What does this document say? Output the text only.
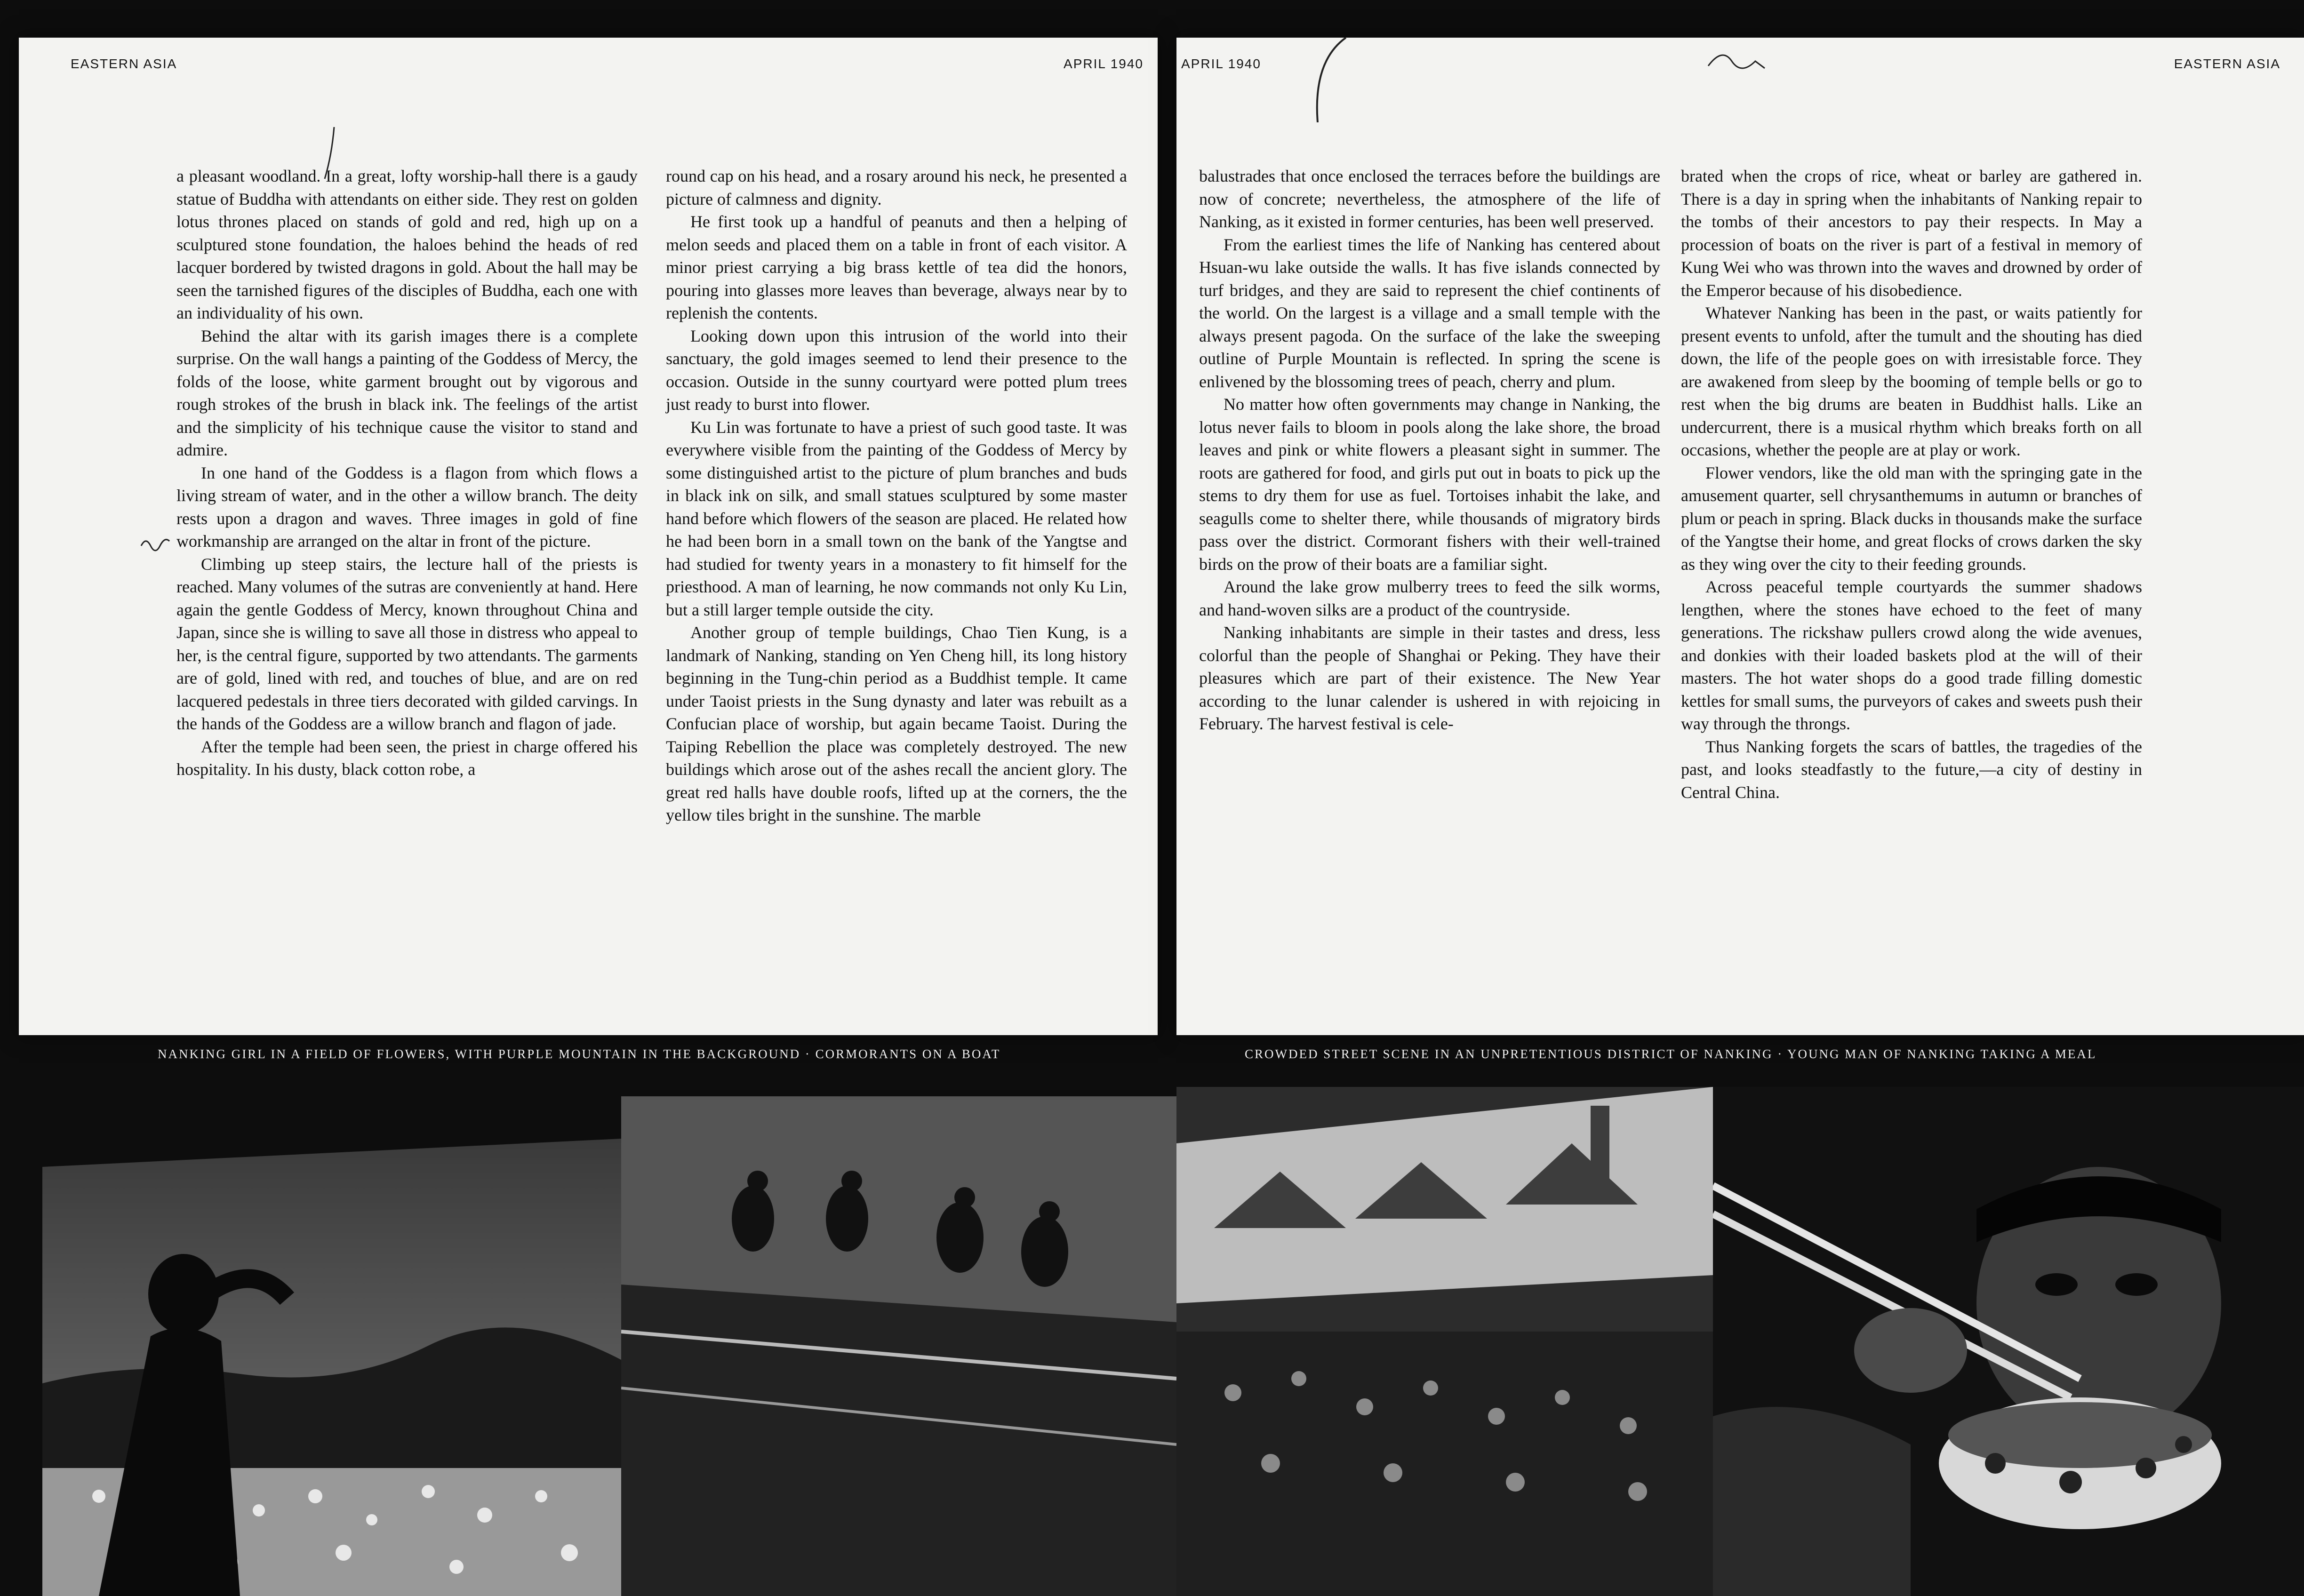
EASTERN ASIA	APRIL 1940

a pleasant woodland. In a great, lofty worship-hall there is a gaudy statue of Buddha with attendants on either side. They rest on golden lotus thrones placed on stands of gold and red, high up on a sculptured stone foundation, the haloes behind the heads of red lacquer bordered by twisted dragons in gold. About the hall may be seen the tarnished figures of the disciples of Buddha, each one with an individuality of his own.

Behind the altar with its garish images there is a complete surprise. On the wall hangs a painting of the Goddess of Mercy, the folds of the loose, white garment brought out by vigorous and rough strokes of the brush in black ink. The feelings of the artist and the simplicity of his technique cause the visitor to stand and admire.

In one hand of the Goddess is a flagon from which flows a living stream of water, and in the other a willow branch. The deity rests upon a dragon and waves. Three images in gold of fine workmanship are arranged on the altar in front of the picture.

Climbing up steep stairs, the lecture hall of the priests is reached. Many volumes of the sutras are conveniently at hand. Here again the gentle Goddess of Mercy, known throughout China and Japan, since she is willing to save all those in distress who appeal to her, is the central figure, supported by two attendants. The garments are of gold, lined with red, and touches of blue, and are on red lacquered pedestals in three tiers decorated with gilded carvings. In the hands of the Goddess are a willow branch and flagon of jade.

After the temple had been seen, the priest in charge offered his hospitality. In his dusty, black cotton robe, a

round cap on his head, and a rosary around his neck, he presented a picture of calmness and dignity.

He first took up a handful of peanuts and then a helping of melon seeds and placed them on a table in front of each visitor. A minor priest carrying a big brass kettle of tea did the honors, pouring into glasses more leaves than beverage, always near by to replenish the contents.

Looking down upon this intrusion of the world into their sanctuary, the gold images seemed to lend their presence to the occasion. Outside in the sunny courtyard were potted plum trees just ready to burst into flower.

Ku Lin was fortunate to have a priest of such good taste. It was everywhere visible from the painting of the Goddess of Mercy by some distinguished artist to the picture of plum branches and buds in black ink on silk, and small statues sculptured by some master hand before which flowers of the season are placed. He related how he had been born in a small town on the bank of the Yangtse and had studied for twenty years in a monastery to fit himself for the priesthood. A man of learning, he now commands not only Ku Lin, but a still larger temple outside the city.

Another group of temple buildings, Chao Tien Kung, is a landmark of Nanking, standing on Yen Cheng hill, its long history beginning in the Tung-chin period as a Buddhist temple. It came under Taoist priests in the Sung dynasty and later was rebuilt as a Confucian place of worship, but again became Taoist. During the Taiping Rebellion the place was completely destroyed. The new buildings which arose out of the ashes recall the ancient glory. The great red halls have double roofs, lifted up at the corners, the the yellow tiles bright in the sunshine. The marble

APRIL 1940	EASTERN ASIA

balustrades that once enclosed the terraces before the buildings are now of concrete; nevertheless, the atmosphere of the life of Nanking, as it existed in former centuries, has been well preserved.

From the earliest times the life of Nanking has centered about Hsuan-wu lake outside the walls. It has five islands connected by turf bridges, and they are said to represent the chief continents of the world. On the largest is a village and a small temple with the always present pagoda. On the surface of the lake the sweeping outline of Purple Mountain is reflected. In spring the scene is enlivened by the blossoming trees of peach, cherry and plum.

No matter how often governments may change in Nanking, the lotus never fails to bloom in pools along the lake shore, the broad leaves and pink or white flowers a pleasant sight in summer. The roots are gathered for food, and girls put out in boats to pick up the stems to dry them for use as fuel. Tortoises inhabit the lake, and seagulls come to shelter there, while thousands of migratory birds pass over the district. Cormorant fishers with their well-trained birds on the prow of their boats are a familiar sight.

Around the lake grow mulberry trees to feed the silk worms, and hand-woven silks are a product of the countryside.

Nanking inhabitants are simple in their tastes and dress, less colorful than the people of Shanghai or Peking. They have their pleasures which are part of their existence. The New Year according to the lunar calender is ushered in with rejoicing in February. The harvest festival is cele-

brated when the crops of rice, wheat or barley are gathered in. There is a day in spring when the inhabitants of Nanking repair to the tombs of their ancestors to pay their respects. In May a procession of boats on the river is part of a festival in memory of Kung Wei who was thrown into the waves and drowned by order of the Emperor because of his disobedience.

Whatever Nanking has been in the past, or waits patiently for present events to unfold, after the tumult and the shouting has died down, the life of the people goes on with irresistable force. They are awakened from sleep by the booming of temple bells or go to rest when the big drums are beaten in Buddhist halls. Like an undercurrent, there is a musical rhythm which breaks forth on all occasions, whether the people are at play or work.

Flower vendors, like the old man with the springing gate in the amusement quarter, sell chrysanthemums in autumn or branches of plum or peach in spring. Black ducks in thousands make the surface of the Yangtse their home, and great flocks of crows darken the sky as they wing over the city to their feeding grounds.

Across peaceful temple courtyards the summer shadows lengthen, where the stones have echoed to the feet of many generations. The rickshaw pullers crowd along the wide avenues, and donkies with their loaded baskets plod at the will of their masters. The hot water shops do a good trade filling domestic kettles for small sums, the purveyors of cakes and sweets push their way through the throngs.

Thus Nanking forgets the scars of battles, the tragedies of the past, and looks steadfastly to the future,—a city of destiny in Central China.

NANKING GIRL IN A FIELD OF FLOWERS, WITH PURPLE MOUNTAIN IN THE BACKGROUND · CORMORANTS ON A BOAT	CROWDED STREET SCENE IN AN UNPRETENTIOUS DISTRICT OF NANKING · YOUNG MAN OF NANKING TAKING A MEAL
